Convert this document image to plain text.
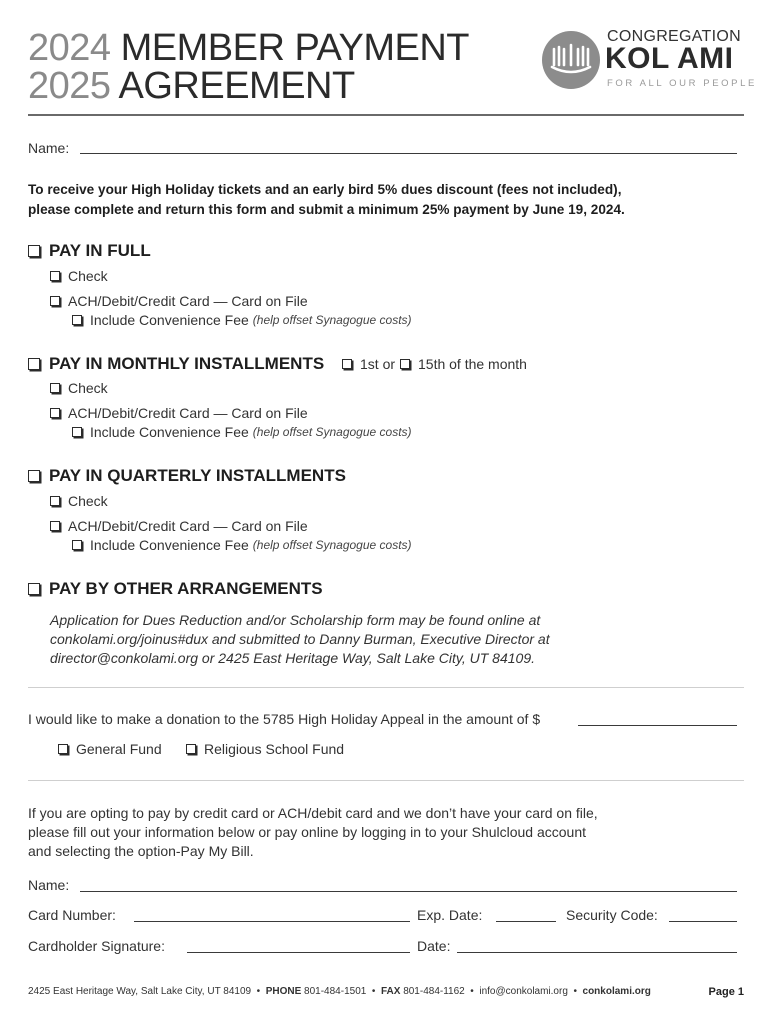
2024 MEMBER PAYMENT
2025 AGREEMENT
CONGREGATION
KOL AMI
FOR ALL OUR PEOPLE
Name:
To receive your High Holiday tickets and an early bird 5% dues discount (fees not included),
please complete and return this form and submit a minimum 25% payment by June 19, 2024.
PAY IN FULL
Check
ACH/Debit/Credit Card — Card on File
Include Convenience Fee (help offset Synagogue costs)
PAY IN MONTHLY INSTALLMENTS	1st or 15th of the month
Check
ACH/Debit/Credit Card — Card on File
Include Convenience Fee (help offset Synagogue costs)
PAY IN QUARTERLY INSTALLMENTS
Check
ACH/Debit/Credit Card — Card on File
Include Convenience Fee (help offset Synagogue costs)
PAY BY OTHER ARRANGEMENTS
Application for Dues Reduction and/or Scholarship form may be found online at
conkolami.org/joinus#dux and submitted to Danny Burman, Executive Director at
director@conkolami.org or 2425 East Heritage Way, Salt Lake City, UT 84109.
I would like to make a donation to the 5785 High Holiday Appeal in the amount of $
General Fund	Religious School Fund
If you are opting to pay by credit card or ACH/debit card and we don’t have your card on file,
please fill out your information below or pay online by logging in to your Shulcloud account
and selecting the option-Pay My Bill.
Name:
Card Number:	Exp. Date:	Security Code:
Cardholder Signature:	Date:
2425 East Heritage Way, Salt Lake City, UT 84109  •  PHONE 801-484-1501  •  FAX 801-484-1162  •  info@conkolami.org  •  conkolami.org	Page 1
